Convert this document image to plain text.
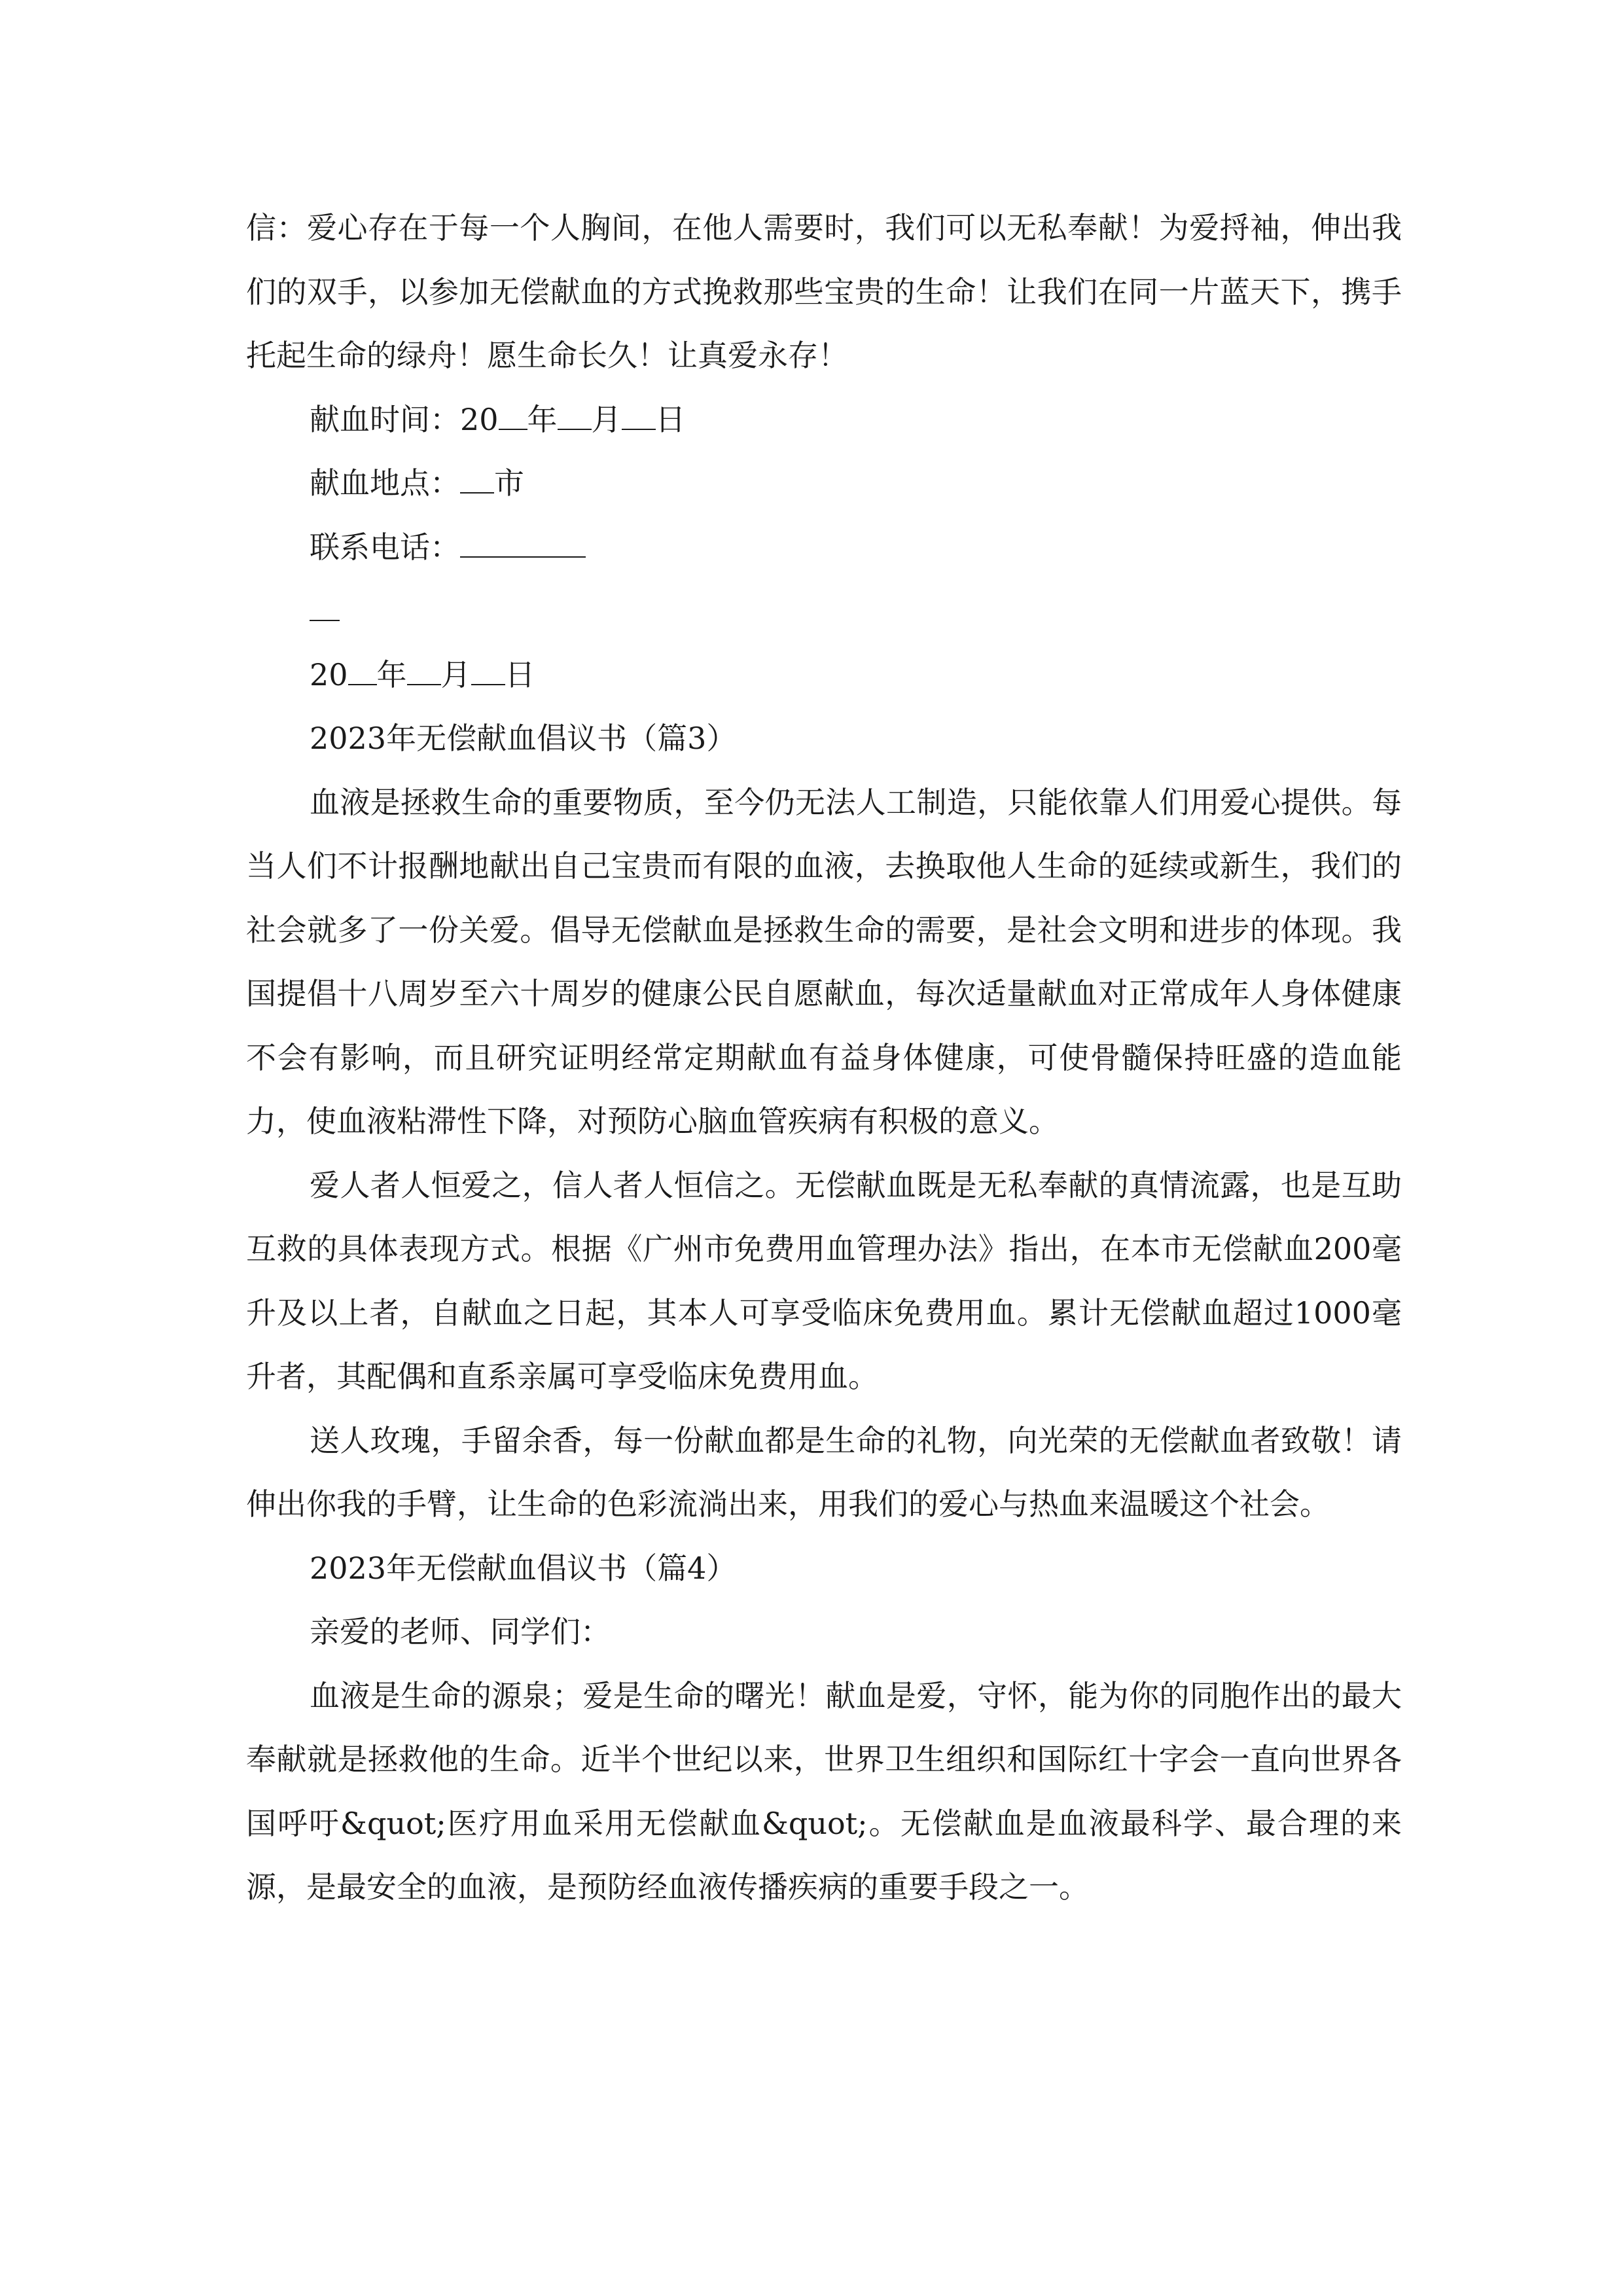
信：爱心存在于每一个人胸间，在他人需要时，我们可以无私奉献！为爱捋袖，伸出我们的双手，以参加无偿献血的方式挽救那些宝贵的生命！让我们在同一片蓝天下，携手托起生命的绿舟！愿生命长久！让真爱永存！

献血时间：20 年 月 日

献血地点： 市

联系电话：

20 年 月 日

2023年无偿献血倡议书（篇3）

血液是拯救生命的重要物质，至今仍无法人工制造，只能依靠人们用爱心提供。每当人们不计报酬地献出自己宝贵而有限的血液，去换取他人生命的延续或新生，我们的社会就多了一份关爱。倡导无偿献血是拯救生命的需要，是社会文明和进步的体现。我国提倡十八周岁至六十周岁的健康公民自愿献血，每次适量献血对正常成年人身体健康不会有影响，而且研究证明经常定期献血有益身体健康，可使骨髓保持旺盛的造血能力，使血液粘滞性下降，对预防心脑血管疾病有积极的意义。

爱人者人恒爱之，信人者人恒信之。无偿献血既是无私奉献的真情流露，也是互助互救的具体表现方式。根据《广州市免费用血管理办法》指出，在本市无偿献血200毫升及以上者，自献血之日起，其本人可享受临床免费用血。累计无偿献血超过1000毫升者，其配偶和直系亲属可享受临床免费用血。

送人玫瑰，手留余香，每一份献血都是生命的礼物，向光荣的无偿献血者致敬！请伸出你我的手臂，让生命的色彩流淌出来，用我们的爱心与热血来温暖这个社会。

2023年无偿献血倡议书（篇4）

亲爱的老师、同学们：

血液是生命的源泉；爱是生命的曙光！献血是爱，守怀，能为你的同胞作出的最大奉献就是拯救他的生命。近半个世纪以来，世界卫生组织和国际红十字会一直向世界各国呼吁&quot;医疗用血采用无偿献血&quot;。无偿献血是血液最科学、最合理的来源，是最安全的血液，是预防经血液传播疾病的重要手段之一。
